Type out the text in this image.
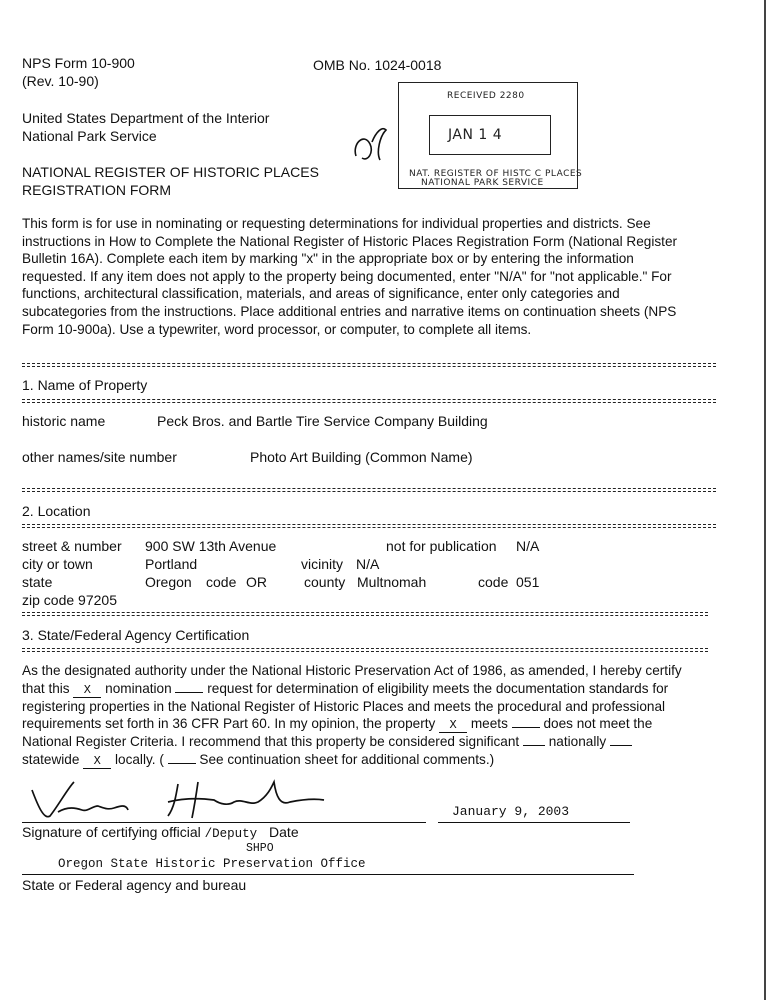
NPS Form 10-900
(Rev. 10-90)
OMB No. 1024-0018
United States Department of the Interior
National Park Service
NATIONAL REGISTER OF HISTORIC PLACES
REGISTRATION FORM
RECEIVED 2280
JAN 1 4
NAT. REGISTER OF HISTC C PLACES
NATIONAL PARK SERVICE
This form is for use in nominating or requesting determinations for individual properties and districts. See
instructions in How to Complete the National Register of Historic Places Registration Form (National Register
Bulletin 16A). Complete each item by marking "x" in the appropriate box or by entering the information
requested. If any item does not apply to the property being documented, enter "N/A" for "not applicable." For
functions, architectural classification, materials, and areas of significance, enter only categories and
subcategories from the instructions. Place additional entries and narrative items on continuation sheets (NPS
Form 10-900a). Use a typewriter, word processor, or computer, to complete all items.
1. Name of Property
historic name	Peck Bros. and Bartle Tire Service Company Building
other names/site number	Photo Art Building (Common Name)
2. Location
street & number 900 SW 13th Avenue	not for publication N/A
city or town	Portland	vicinity N/A
state	Oregon code OR	county Multnomah	code 051
zip code 97205
3. State/Federal Agency Certification
As the designated authority under the National Historic Preservation Act of 1986, as amended, I hereby certify
that this X nomination	request for determination of eligibility meets the documentation standards for
registering properties in the National Register of Historic Places and meets the procedural and professional
requirements set forth in 36 CFR Part 60. In my opinion, the property X meets	does not meet the
National Register Criteria. I recommend that this property be considered significant nationally
statewide X locally. (	See continuation sheet for additional comments.)
January 9, 2003
Signature of certifying official /Deputy Date
SHPO
Oregon State Historic Preservation Office
State or Federal agency and bureau
